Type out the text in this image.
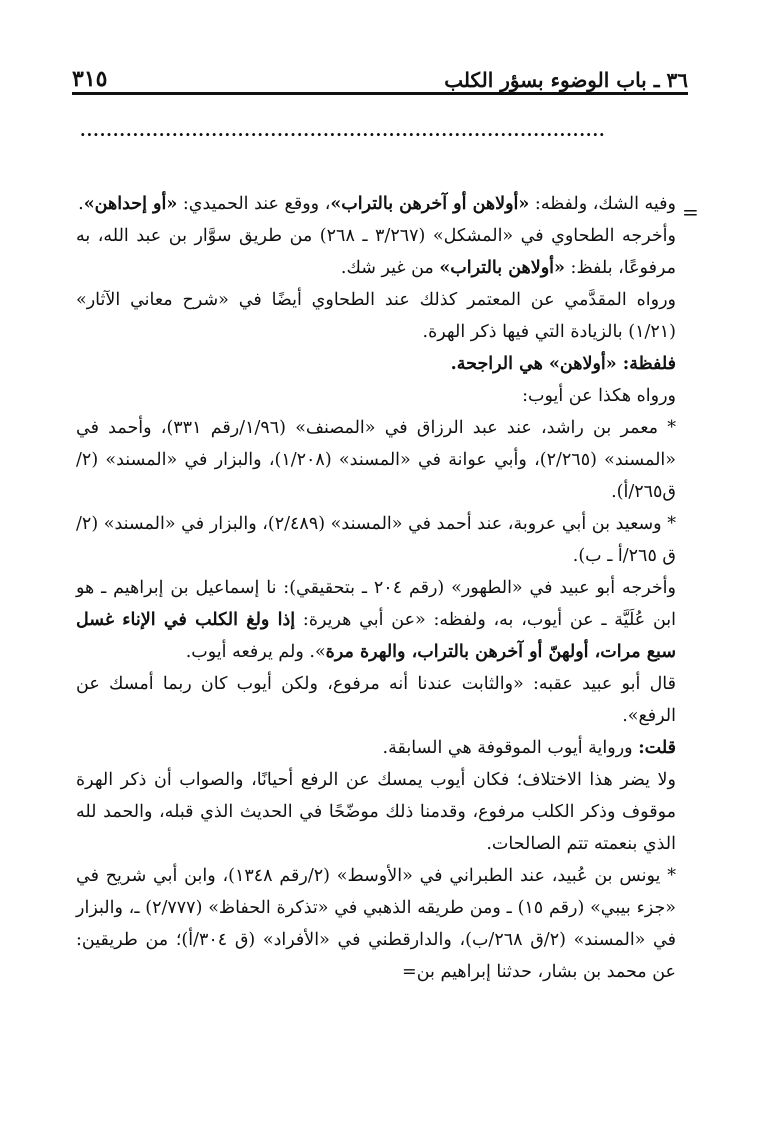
٣١٥	٣٦ ـ باب الوضوء بسؤر الكلب
................................................................................
=

وفيه الشك، ولفظه: «أولاهن أو آخرهن بالتراب»، ووقع عند الحميدي: «أو إحداهن».

وأخرجه الطحاوي في «المشكل» (٣/٢٦٧ ـ ٢٦٨) من طريق سوَّار بن عبد الله، به مرفوعًا، بلفظ: «أولاهن بالتراب» من غير شك.

ورواه المقدَّمي عن المعتمر كذلك عند الطحاوي أيضًا في «شرح معاني الآثار» (١/٢١) بالزيادة التي فيها ذكر الهرة.

فلفظة: «أولاهن» هي الراجحة.

ورواه هكذا عن أيوب:

* معمر بن راشد، عند عبد الرزاق في «المصنف» (١/٩٦/رقم ٣٣١)، وأحمد في «المسند» (٢/٢٦٥)، وأبي عوانة في «المسند» (١/٢٠٨)، والبزار في «المسند» (٢/ق٢٦٥/أ).

* وسعيد بن أبي عروبة، عند أحمد في «المسند» (٢/٤٨٩)، والبزار في «المسند» (٢/ق ٢٦٥/أ ـ ب).

وأخرجه أبو عبيد في «الطهور» (رقم ٢٠٤ ـ بتحقيقي): نا إسماعيل بن إبراهيم ـ هو ابن عُلَيَّة ـ عن أيوب، به، ولفظه: «عن أبي هريرة: إذا ولغ الكلب في الإناء غسل سبع مرات، أولهنّ أو آخرهن بالتراب، والهرة مرة». ولم يرفعه أيوب.

قال أبو عبيد عقبه: «والثابت عندنا أنه مرفوع، ولكن أيوب كان ربما أمسك عن الرفع».

قلت: ورواية أيوب الموقوفة هي السابقة.

ولا يضر هذا الاختلاف؛ فكان أيوب يمسك عن الرفع أحيانًا، والصواب أن ذكر الهرة موقوف وذكر الكلب مرفوع، وقدمنا ذلك موضّحًا في الحديث الذي قبله، والحمد لله الذي بنعمته تتم الصالحات.

* يونس بن عُبيد، عند الطبراني في «الأوسط» (٢/رقم ١٣٤٨)، وابن أبي شريح في «جزء بيبي» (رقم ١٥) ـ ومن طريقه الذهبي في «تذكرة الحفاظ» (٢/٧٧٧) ـ، والبزار في «المسند» (٢/ق ٢٦٨/ب)، والدارقطني في «الأفراد» (ق ٣٠٤/أ)؛ من طريقين: عن محمد بن بشار، حدثنا إبراهيم بن=
